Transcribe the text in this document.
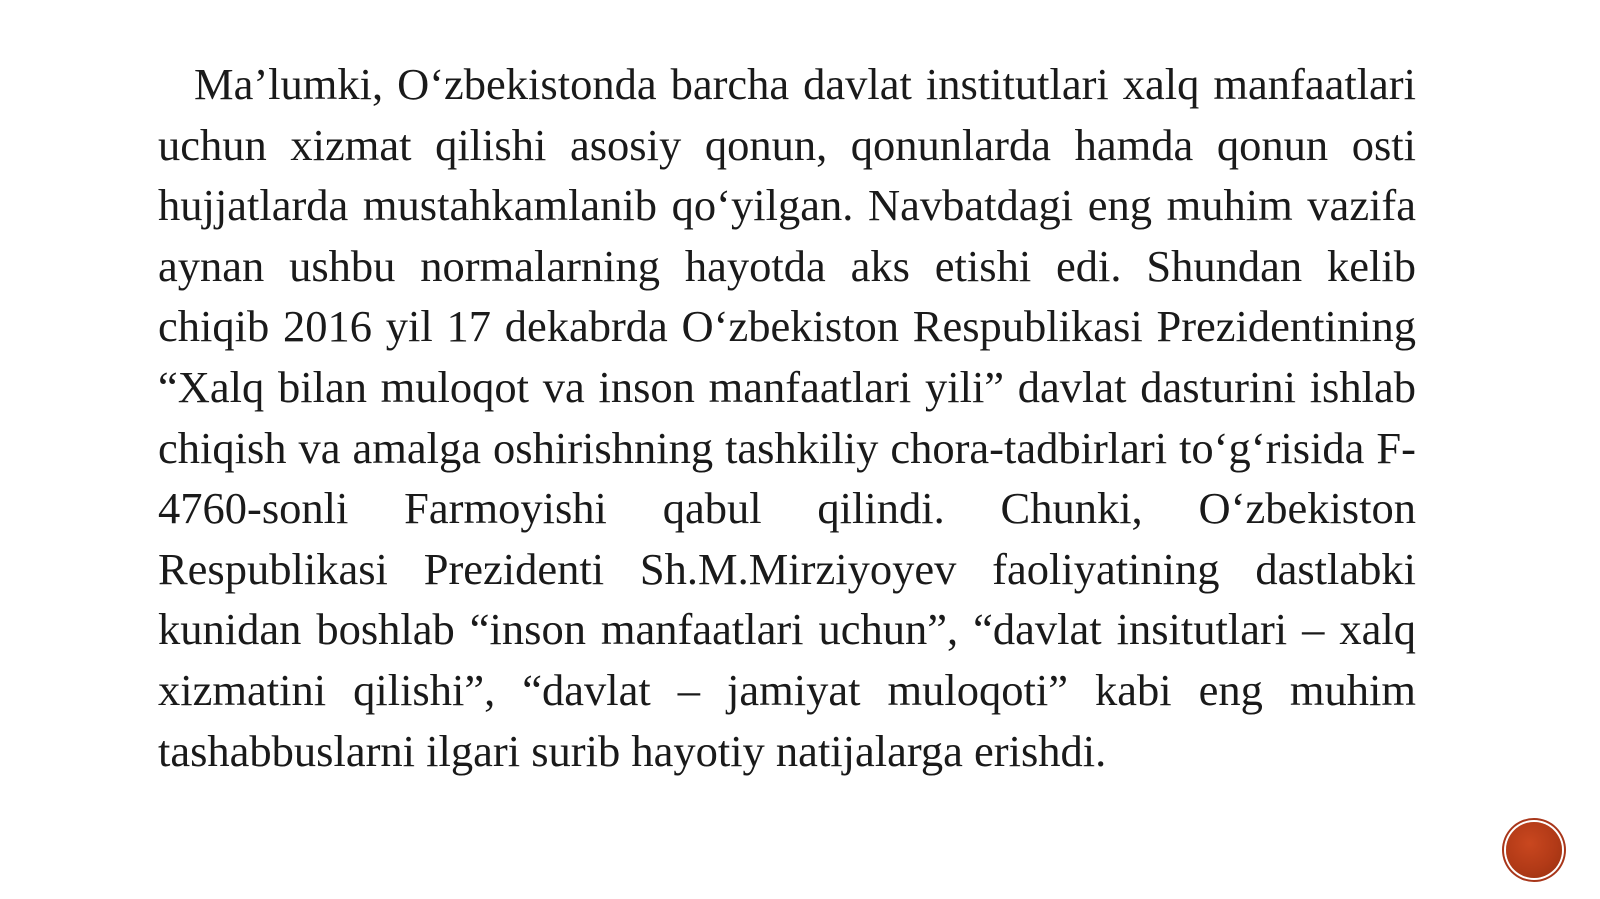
Ma’lumki, O‘zbekistonda barcha davlat institutlari xalq manfaatlari uchun xizmat qilishi asosiy qonun, qonunlarda hamda qonun osti hujjatlarda mustahkamlanib qo‘yilgan. Navbatdagi eng muhim vazifa aynan ushbu normalarning hayotda aks etishi edi. Shundan kelib chiqib 2016 yil 17 dekabrda O‘zbekiston Respublikasi Prezidentining “Xalq bilan muloqot va inson manfaatlari yili” davlat dasturini ishlab chiqish va amalga oshirishning tashkiliy chora-tadbirlari to‘g‘risida F-4760-sonli Farmoyishi qabul qilindi. Chunki, O‘zbekiston Respublikasi Prezidenti Sh.M.Mirziyoyev faoliyatining dastlabki kunidan boshlab “inson manfaatlari uchun”, “davlat insitutlari – xalq xizmatini qilishi”, “davlat – jamiyat muloqoti” kabi eng muhim tashabbuslarni ilgari surib hayotiy natijalarga erishdi.
